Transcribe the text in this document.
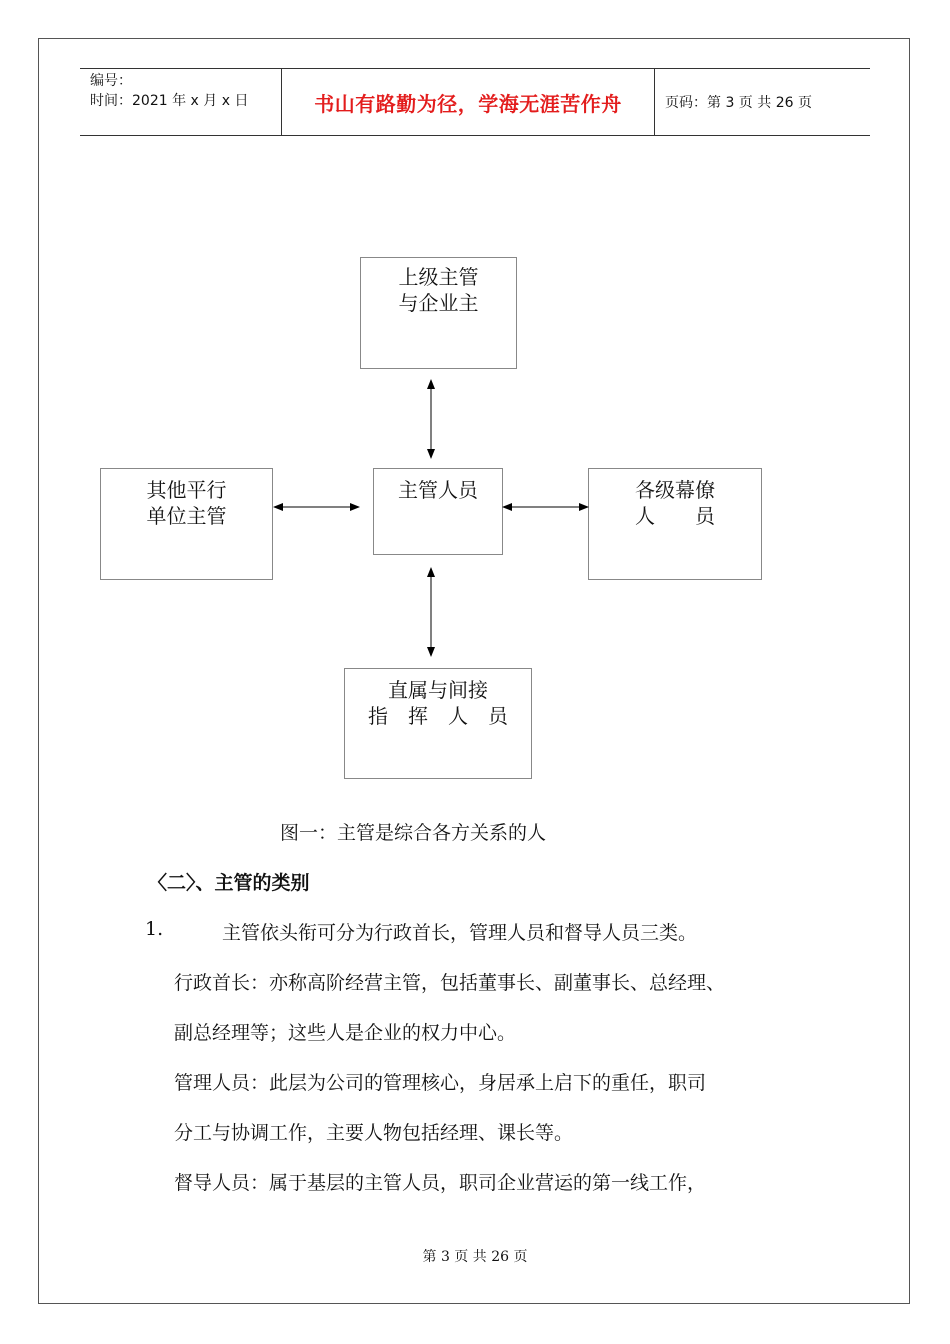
编号：
时间：2021 年 x 月 x 日	书山有路勤为径，学海无涯苦作舟	页码：第 3 页 共 26 页
上级主管
与企业主
其他平行
单位主管
主管人员	各级幕僚
人　　员
直属与间接
指　挥　人　员
图一：主管是综合各方关系的人
〈二〉、主管的类别
1.	主管依头衔可分为行政首长，管理人员和督导人员三类。
行政首长：亦称高阶经营主管，包括董事长、副董事长、总经理、
副总经理等；这些人是企业的权力中心。
管理人员：此层为公司的管理核心，身居承上启下的重任，职司
分工与协调工作，主要人物包括经理、课长等。
督导人员：属于基层的主管人员，职司企业营运的第一线工作，
第 3 页 共 26 页
